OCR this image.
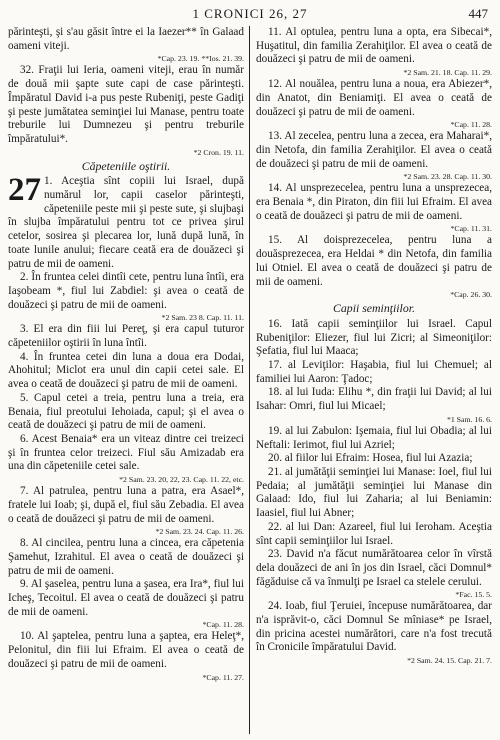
1 CRONICI 26, 27	447

părinteşti, şi s'au găsit între ei la Iaezer** în Galaad oameni viteji.

*Cap. 23. 19. **Ios. 21. 39.

32. Fraţii lui Ieria, oameni viteji, erau în număr de două mii şapte sute capi de case părinteşti. Împăratul David i-a pus peste Rubeniţi, peste Gadiţi şi peste jumătatea seminţiei lui Manase, pentru toate treburile lui Dumnezeu şi pentru treburile împăratului*.

*2 Cron. 19. 11.

Căpeteniile oştirii.

27 1. Aceştia sînt copiii lui Israel, după numărul lor, capii caselor părinteşti, căpeteniile peste mii şi peste sute, şi slujbaşi în slujba împăratului pentru tot ce privea şirul cetelor, sosirea şi plecarea lor, lună după lună, în toate lunile anului; fiecare ceată era de douăzeci şi patru de mii de oameni.

2. În fruntea celei dintîi cete, pentru luna întîi, era Iaşobeam *, fiul lui Zabdiel: şi avea o ceată de douăzeci şi patru de mii de oameni.

*2 Sam. 23 8. Cap. 11. 11.

3. El era din fiii lui Pereţ, şi era capul tuturor căpeteniilor oştirii în luna întîi.

4. În fruntea cetei din luna a doua era Dodai, Ahohitul; Miclot era unul din capii cetei sale. El avea o ceată de douăzeci şi patru de mii de oameni.

5. Capul cetei a treia, pentru luna a treia, era Benaia, fiul preotului Iehoiada, capul; şi el avea o ceată de douăzeci şi patru de mii de oameni.

6. Acest Benaia* era un viteaz dintre cei treizeci şi în fruntea celor treizeci. Fiul său Amizadab era una din căpeteniile cetei sale.

*2 Sam. 23. 20, 22, 23. Cap. 11. 22, etc.

7. Al patrulea, pentru luna a patra, era Asael*, fratele lui Ioab; şi, după el, fiul său Zebadia. El avea o ceată de douăzeci şi patru de mii de oameni.

*2 Sam. 23. 24. Cap. 11. 26.

8. Al cincilea, pentru luna a cincea, era căpetenia Şamehut, Izrahitul. El avea o ceată de douăzeci şi patru de mii de oameni.

9. Al şaselea, pentru luna a şasea, era Ira*, fiul lui Icheş, Tecoitul. El avea o ceată de douăzeci şi patru de mii de oameni.

*Cap. 11. 28.

10. Al şaptelea, pentru luna a şaptea, era Heleţ*, Pelonitul, din fiii lui Efraim. El avea o ceată de douăzeci şi patru de mii de oameni.

*Cap. 11. 27.

11. Al optulea, pentru luna a opta, era Sibecai*, Huşatitul, din familia Zerahiţilor. El avea o ceată de douăzeci şi patru de mii de oameni.

*2 Sam. 21. 18. Cap. 11. 29.

12. Al nouălea, pentru luna a noua, era Abiezer*, din Anatot, din Beniamiţi. El avea o ceată de douăzeci şi patru de mii de oameni.

*Cap. 11. 28.

13. Al zecelea, pentru luna a zecea, era Maharai*, din Netofa, din familia Zerahiţilor. El avea o ceată de douăzeci şi patru de mii de oameni.

*2 Sam. 23. 28. Cap. 11. 30.

14. Al unsprezecelea, pentru luna a unsprezecea, era Benaia *, din Piraton, din fiii lui Efraim. El avea o ceată de douăzeci şi patru de mii de oameni.

*Cap. 11. 31.

15. Al doisprezecelea, pentru luna a douăsprezecea, era Heldai * din Netofa, din familia lui Otniel. El avea o ceată de douăzeci şi patru de mii de oameni.

*Cap. 26. 30.

Capii seminţiilor.

16. Iată capii seminţiilor lui Israel. Capul Rubeniţilor: Eliezer, fiul lui Zicri; al Simeoniţilor: Şefatia, fiul lui Maaca;

17. al Leviţilor: Haşabia, fiul lui Chemuel; al familiei lui Aaron: Ţadoc;

18. al lui Iuda: Elihu *, din fraţii lui David; al lui Isahar: Omri, fiul lui Micael;

*1 Sam. 16. 6.

19. al lui Zabulon: Işemaia, fiul lui Obadia; al lui Neftali: Ierimot, fiul lui Azriel;

20. al fiilor lui Efraim: Hosea, fiul lui Azazia;

21. al jumătăţii seminţiei lui Manase: Ioel, fiul lui Pedaia; al jumătăţii seminţiei lui Manase din Galaad: Ido, fiul lui Zaharia; al lui Beniamin: Iaasiel, fiul lui Abner;

22. al lui Dan: Azareel, fiul lui Ieroham. Aceştia sînt capii seminţiilor lui Israel.

23. David n'a făcut numărătoarea celor în vîrstă dela douăzeci de ani în jos din Israel, căci Domnul* făgăduise că va înmulţi pe Israel ca stelele cerului.

*Fac. 15. 5.

24. Ioab, fiul Ţeruiei, începuse numărătoarea, dar n'a isprăvit-o, căci Domnul Se mîniase* pe Israel, din pricina acestei numărători, care n'a fost trecută în Cronicile împăratului David.

*2 Sam. 24. 15. Cap. 21. 7.
